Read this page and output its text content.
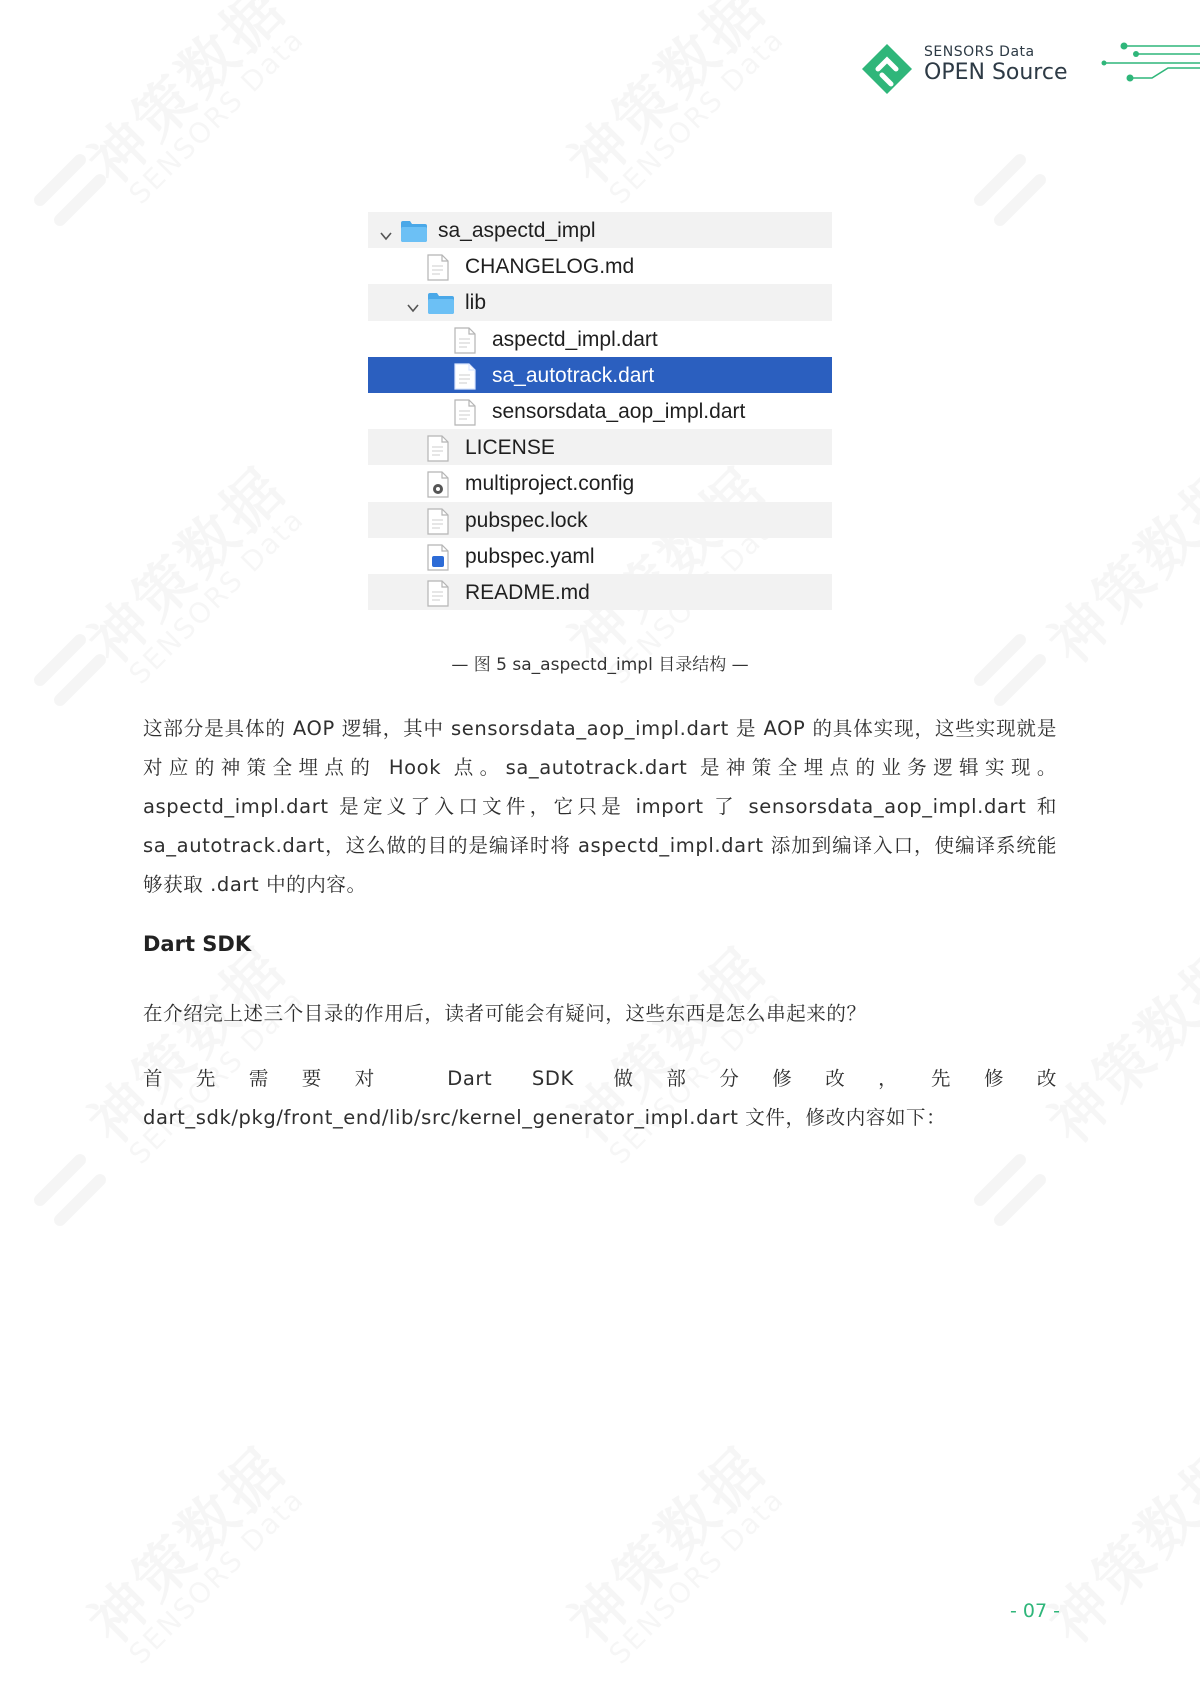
SENSORS Data
OPEN Source
sa_aspectd_impl
CHANGELOG.md
lib
aspectd_impl.dart
sa_autotrack.dart
sensorsdata_aop_impl.dart
LICENSE
multiproject.config
pubspec.lock
pubspec.yaml
README.md
— 图 5 sa_aspectd_impl 目录结构 —
这部分是具体的 AOP 逻辑，其中 sensorsdata_aop_impl.dart 是 AOP 的具体实现，这些实现就是对应的神策全埋点的 Hook 点。sa_autotrack.dart 是神策全埋点的业务逻辑实现。aspectd_impl.dart 是定义了入口文件，它只是 import 了 sensorsdata_aop_impl.dart 和 sa_autotrack.dart，这么做的目的是编译时将 aspectd_impl.dart 添加到编译入口，使编译系统能够获取 .dart 中的内容。
Dart SDK
在介绍完上述三个目录的作用后，读者可能会有疑问，这些东西是怎么串起来的？
首先需要对 Dart SDK 做部分修改，先修改 dart_sdk/pkg/front_end/lib/src/kernel_generator_impl.dart 文件，修改内容如下：
- 07 -
